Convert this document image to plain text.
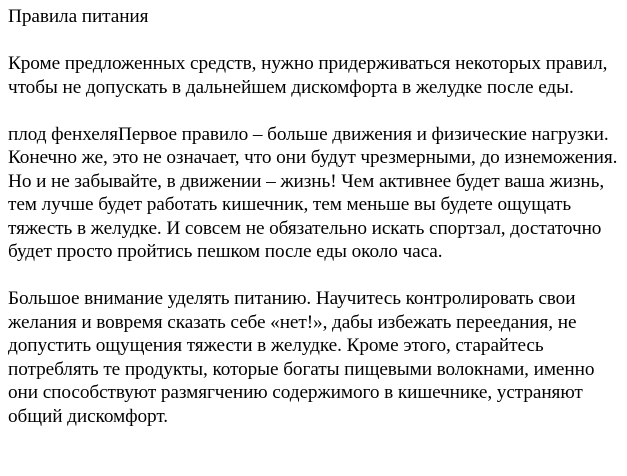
Правила питания

Кроме предложенных средств, нужно придерживаться некоторых правил, чтобы не допускать в дальнейшем дискомфорта в желудке после еды.

плод фенхеляПервое правило – больше движения и физические нагрузки. Конечно же, это не означает, что они будут чрезмерными, до изнеможения. Но и не забывайте, в движении – жизнь! Чем активнее будет ваша жизнь, тем лучше будет работать кишечник, тем меньше вы будете ощущать тяжесть в желудке. И совсем не обязательно искать спортзал, достаточно будет просто пройтись пешком после еды около часа.

Большое внимание уделять питанию. Научитесь контролировать свои желания и вовремя сказать себе «нет!», дабы избежать переедания, не допустить ощущения тяжести в желудке. Кроме этого, старайтесь потреблять те продукты, которые богаты пищевыми волокнами, именно они способствуют размягчению содержимого в кишечнике, устраняют общий дискомфорт.
